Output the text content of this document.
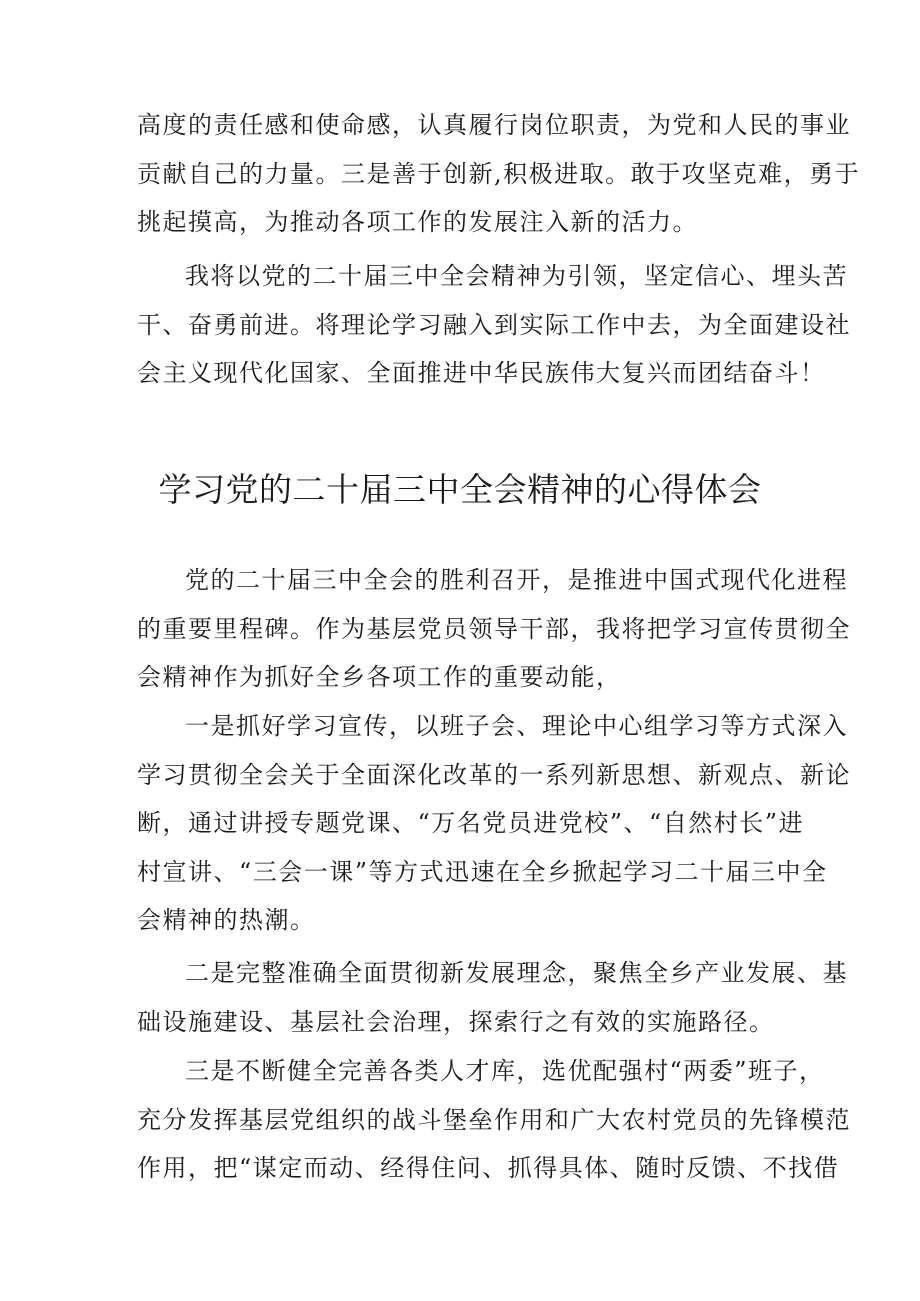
高度的责任感和使命感，认真履行岗位职责，为党和人民的事业
贡献自己的力量。三是善于创新,积极进取。敢于攻坚克难，勇于
挑起摸高，为推动各项工作的发展注入新的活力。

我将以党的二十届三中全会精神为引领，坚定信心、埋头苦
干、奋勇前进。将理论学习融入到实际工作中去，为全面建设社
会主义现代化国家、全面推进中华民族伟大复兴而团结奋斗！

学习党的二十届三中全会精神的心得体会

党的二十届三中全会的胜利召开，是推进中国式现代化进程
的重要里程碑。作为基层党员领导干部，我将把学习宣传贯彻全
会精神作为抓好全乡各项工作的重要动能，

一是抓好学习宣传，以班子会、理论中心组学习等方式深入
学习贯彻全会关于全面深化改革的一系列新思想、新观点、新论
断，通过讲授专题党课、“万名党员进党校”、“自然村长”进
村宣讲、“三会一课”等方式迅速在全乡掀起学习二十届三中全
会精神的热潮。

二是完整准确全面贯彻新发展理念，聚焦全乡产业发展、基
础设施建设、基层社会治理，探索行之有效的实施路径。

三是不断健全完善各类人才库，选优配强村“两委”班子，
充分发挥基层党组织的战斗堡垒作用和广大农村党员的先锋模范
作用，把“谋定而动、经得住问、抓得具体、随时反馈、不找借
